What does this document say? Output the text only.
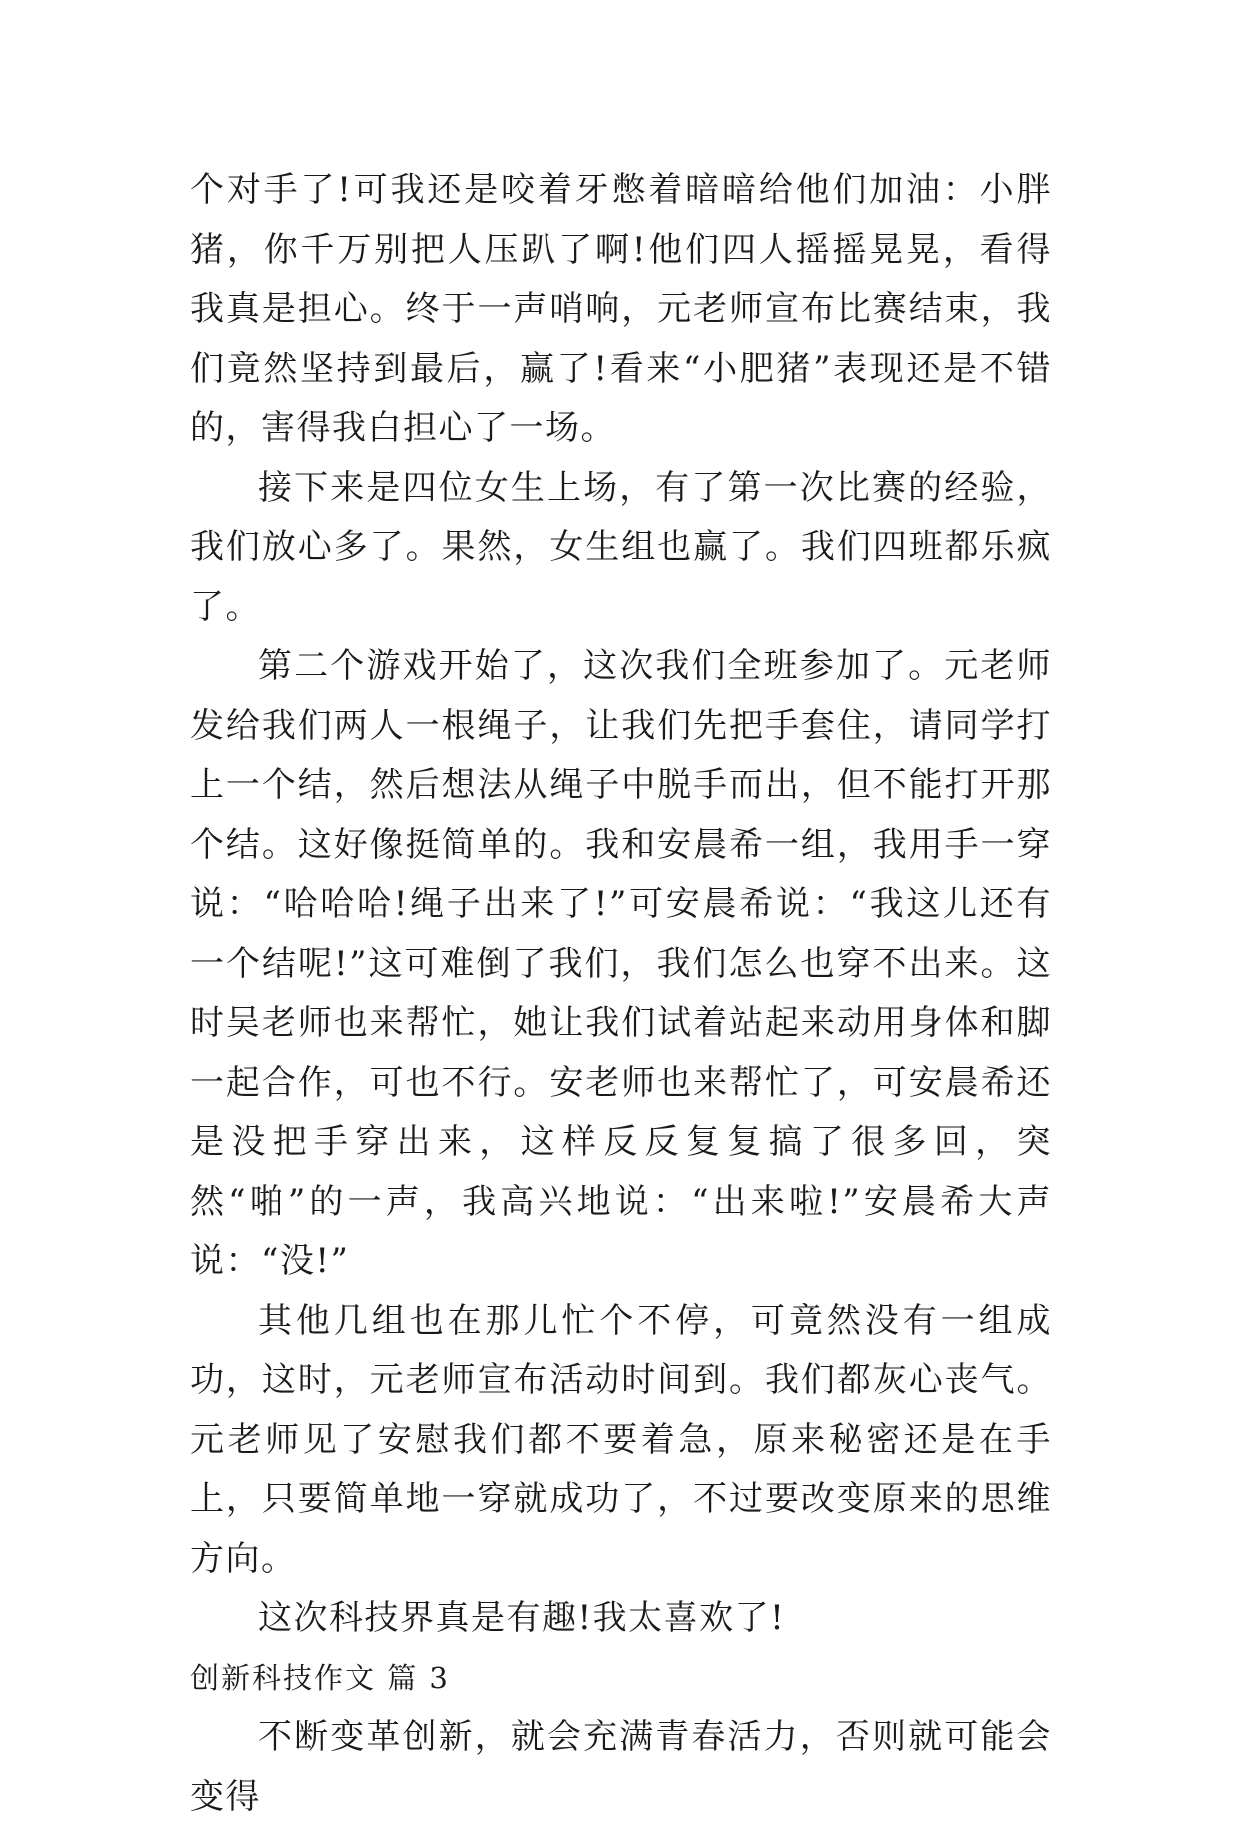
个对手了!可我还是咬着牙憋着暗暗给他们加油：小胖猪，你千万别把人压趴了啊!他们四人摇摇晃晃，看得我真是担心。终于一声哨响，元老师宣布比赛结束，我们竟然坚持到最后，赢了!看来“小肥猪”表现还是不错的，害得我白担心了一场。

接下来是四位女生上场，有了第一次比赛的经验，我们放心多了。果然，女生组也赢了。我们四班都乐疯了。

第二个游戏开始了，这次我们全班参加了。元老师发给我们两人一根绳子，让我们先把手套住，请同学打上一个结，然后想法从绳子中脱手而出，但不能打开那个结。这好像挺简单的。我和安晨希一组，我用手一穿说：“哈哈哈!绳子出来了!”可安晨希说：“我这儿还有一个结呢!”这可难倒了我们，我们怎么也穿不出来。这时吴老师也来帮忙，她让我们试着站起来动用身体和脚一起合作，可也不行。安老师也来帮忙了，可安晨希还是没把手穿出来，这样反反复复搞了很多回，突然“啪”的一声，我高兴地说：“出来啦!”安晨希大声说：“没!”

其他几组也在那儿忙个不停，可竟然没有一组成功，这时，元老师宣布活动时间到。我们都灰心丧气。元老师见了安慰我们都不要着急，原来秘密还是在手上，只要简单地一穿就成功了，不过要改变原来的思维方向。

这次科技界真是有趣!我太喜欢了!

创新科技作文 篇 3

不断变革创新，就会充满青春活力，否则就可能会变得
